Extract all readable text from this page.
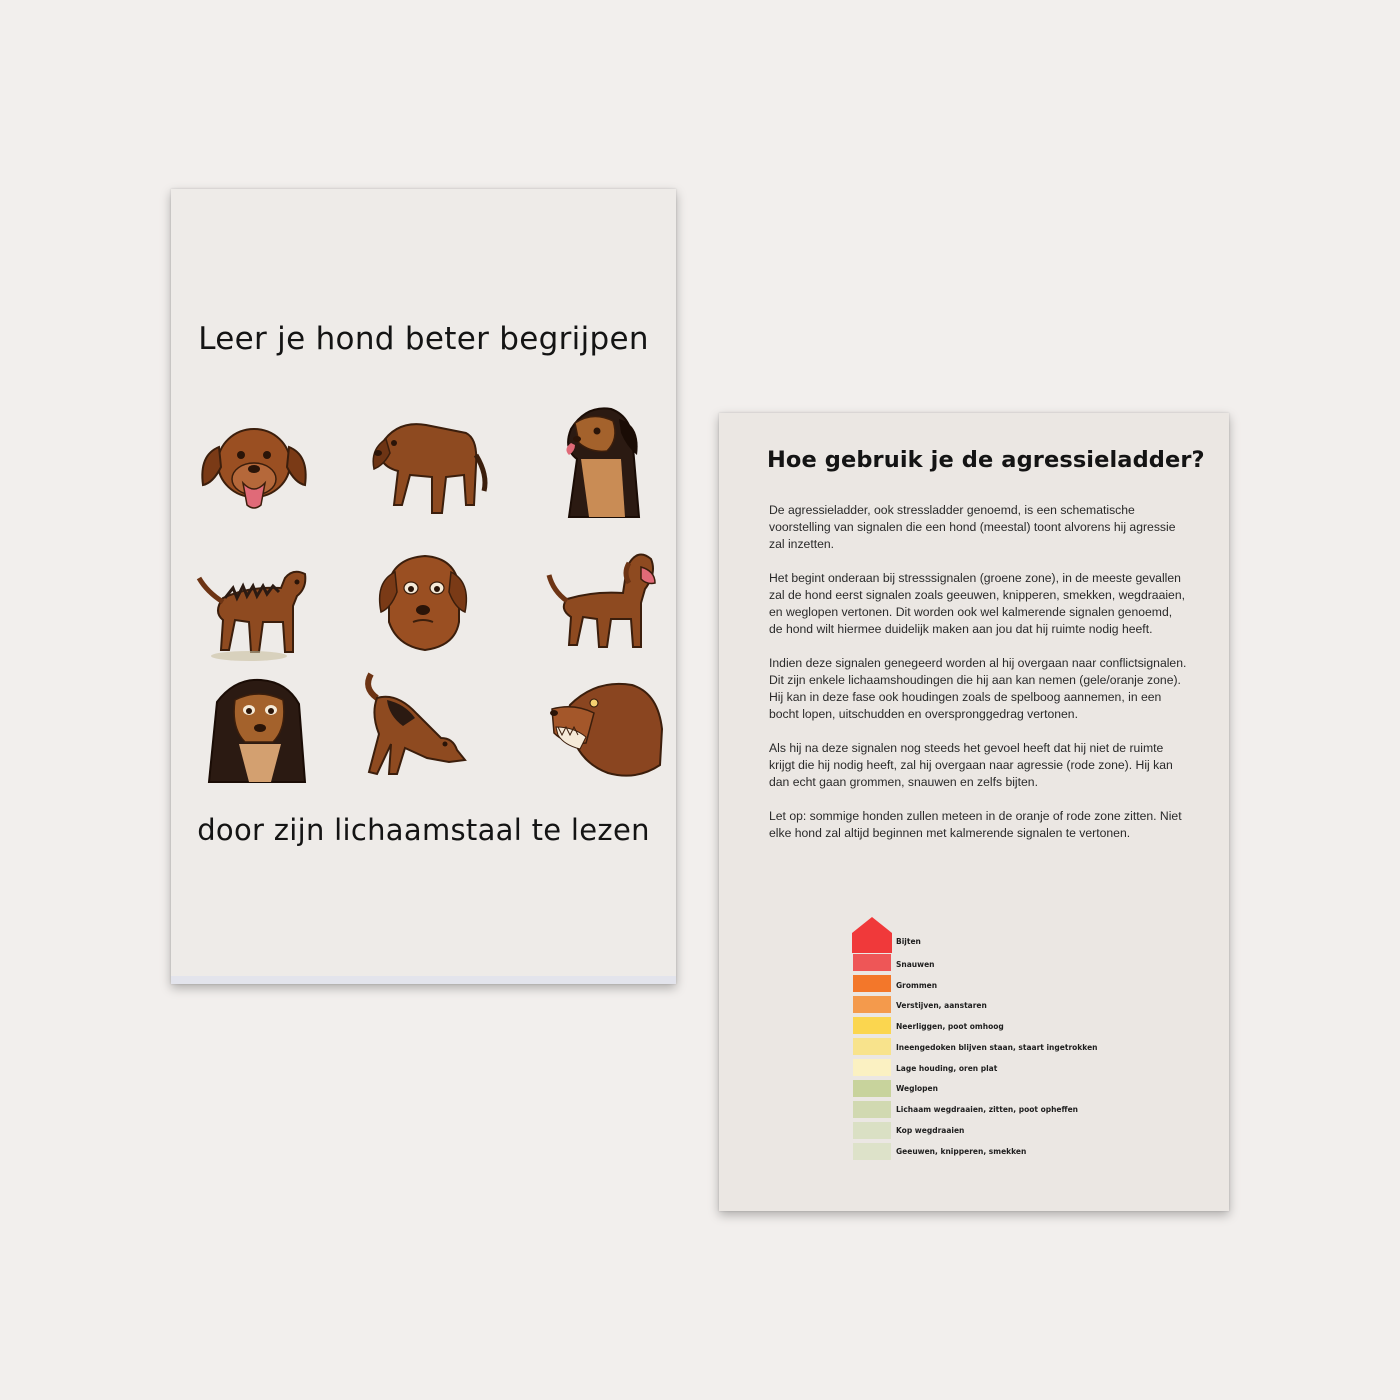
Leer je hond beter begrijpen
door zijn lichaamstaal te lezen
Hoe gebruik je de agressieladder?

De agressieladder, ook stressladder genoemd, is een schematische voorstelling van signalen die een hond (meestal) toont alvorens hij agressie zal inzetten.

Het begint onderaan bij stresssignalen (groene zone), in de meeste gevallen zal de hond eerst signalen zoals geeuwen, knipperen, smekken, wegdraaien, en weglopen vertonen. Dit worden ook wel kalmerende signalen genoemd, de hond wilt hiermee duidelijk maken aan jou dat hij ruimte nodig heeft.

Indien deze signalen genegeerd worden al hij overgaan naar conflictsignalen. Dit zijn enkele lichaamshoudingen die hij aan kan nemen (gele/oranje zone). Hij kan in deze fase ook houdingen zoals de spelboog aannemen, in een bocht lopen, uitschudden en overspronggedrag vertonen.

Als hij na deze signalen nog steeds het gevoel heeft dat hij niet de ruimte krijgt die hij nodig heeft, zal hij overgaan naar agressie (rode zone). Hij kan dan echt gaan grommen, snauwen en zelfs bijten.

Let op: sommige honden zullen meteen in de oranje of rode zone zitten. Niet elke hond zal altijd beginnen met kalmerende signalen te vertonen.

Bijten
Snauwen
Grommen
Verstijven, aanstaren
Neerliggen, poot omhoog
Ineengedoken blijven staan, staart ingetrokken
Lage houding, oren plat
Weglopen
Lichaam wegdraaien, zitten, poot opheffen
Kop wegdraaien
Geeuwen, knipperen, smekken
